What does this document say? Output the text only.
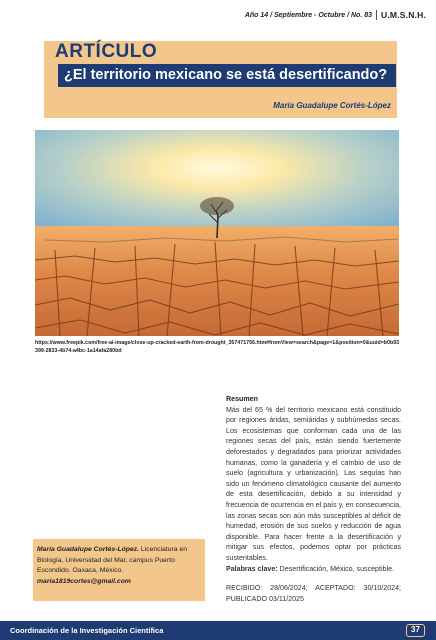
Año 14 / Septiembre - Octubre / No. 83 U.M.S.N.H.
ARTÍCULO
¿El territorio mexicano se está desertificando?
María Guadalupe Cortés-López
https://www.freepik.com/free-ai-image/close-up-cracked-earth-from-drought_357471756.htm#fromView=search&page=1&position=0&uuid=b0b93399-2833-4b74-a4bc-1a14afa280bd
Resumen
Más del 65 % del territorio mexicano está constituido por regiones áridas, semiáridas y subhúmedas secas. Los ecosistemas que conforman cada una de las regiones secas del país, están siendo fuertemente deforestados y degradados para priorizar actividades humanas, como la ganadería y el cambio de uso de suelo (agricultura y urbanización). Las sequías han sido un fenómeno climatológico causante del aumento de esta desertificación, debido a su intensidad y frecuencia de ocurrencia en el país y, en consecuencia, las zonas secas son aún más susceptibles al déficit de humedad, erosión de sus suelos y reducción de agua disponible. Para hacer frente a la desertificación y mitigar sus efectos, podemos optar por prácticas sustentables.
Palabras clave: Desertificación, México, susceptible.
RECIBIDO: 28/06/2024; ACEPTADO: 30/10/2024; PUBLICADO 03/11/2025
María Guadalupe Cortés-López. Licenciatura en Biología, Universidad del Mar, campus Puerto Escondido. Oaxaca, México.
maria1819cortes@gmail.com
Coordinación de la Investigación Científica	37
